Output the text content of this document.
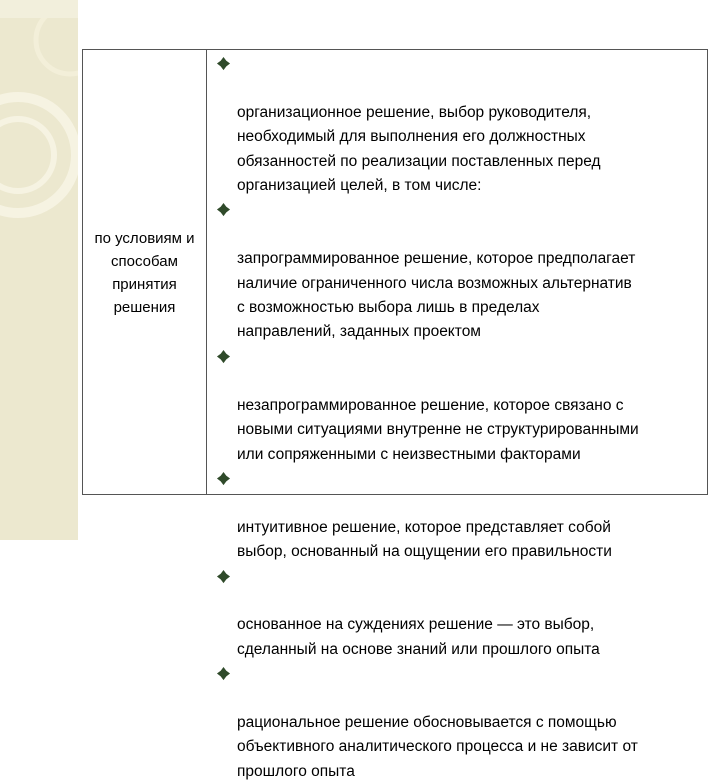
по условиям и
способам
принятия
решения

организационное решение, выбор руководителя,
необходимый для выполнения его должностных
обязанностей по реализации поставленных перед
организацией целей, в том числе:

запрограммированное решение, которое предполагает
наличие ограниченного числа возможных альтернатив
с возможностью выбора лишь в пределах
направлений, заданных проектом

незапрограммированное решение, которое связано с
новыми ситуациями внутренне не структурированными
или сопряженными с неизвестными факторами

интуитивное решение, которое представляет собой
выбор, основанный на ощущении его правильности

основанное на суждениях решение — это выбор,
сделанный на основе знаний или прошлого опыта

рациональное решение обосновывается с помощью
объективного аналитического процесса и не зависит от
прошлого опыта
